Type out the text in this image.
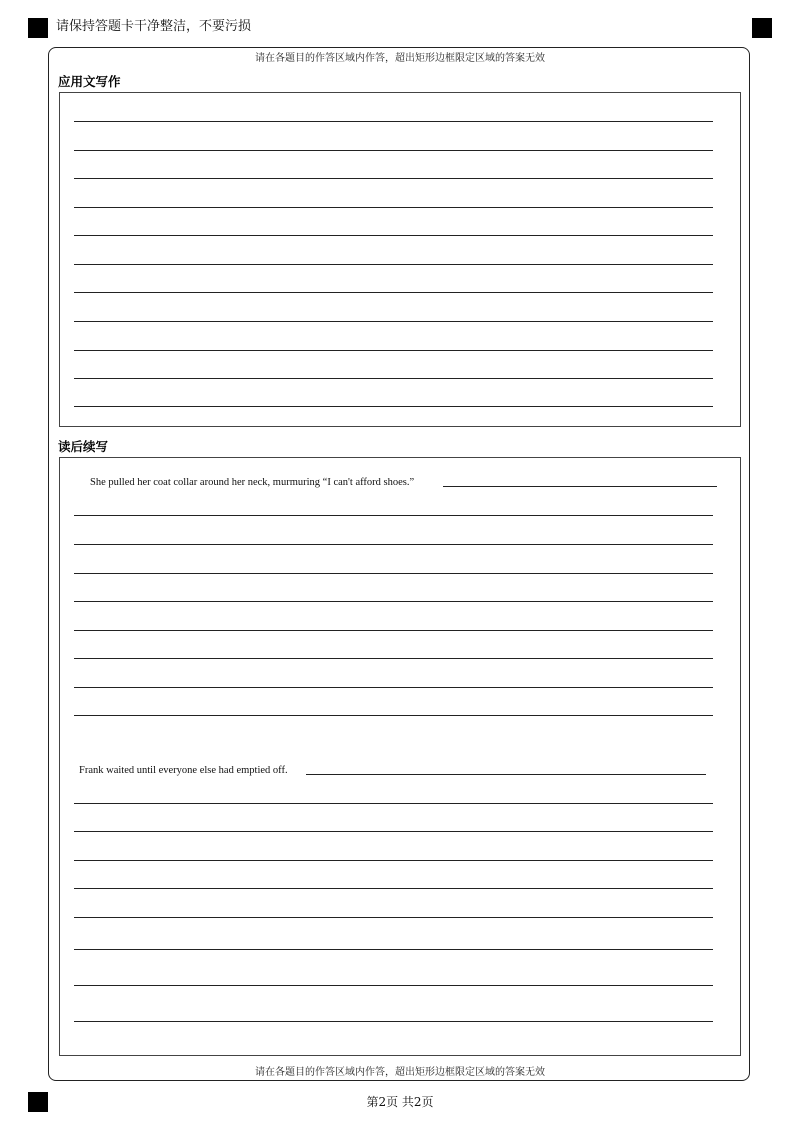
请保持答题卡干净整洁，不要污损
请在各题目的作答区域内作答，超出矩形边框限定区域的答案无效
应用文写作
读后续写
She pulled her coat collar around her neck, murmuring “I can't afford shoes.”
Frank waited until everyone else had emptied off.
请在各题目的作答区域内作答，超出矩形边框限定区域的答案无效
第2页 共2页
